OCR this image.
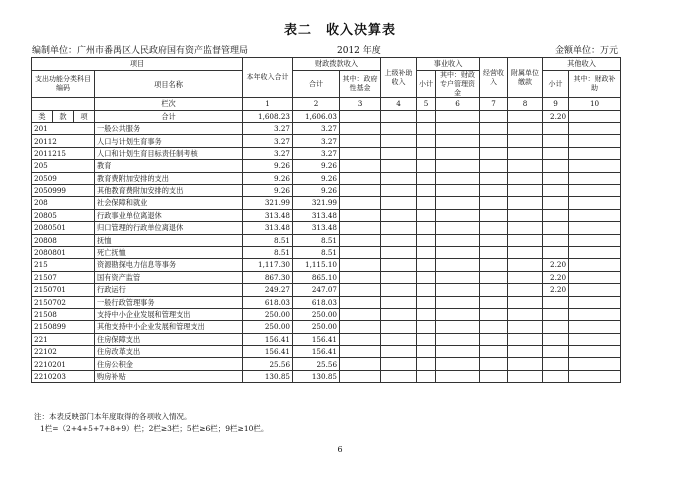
表二　收入决算表
编制单位：广州市番禺区人民政府国有资产监督管理局	2012 年度	金额单位：万元
项目				本年收入合计	财政拨款收入		上级补助收入	事业收入		经营收入	附属单位缴款	其他收入	
支出功能分类科目编码			项目名称		合计	其中：政府性基金		小计	其中：财政专户管理资金			小计	其中：财政补助

			栏次	1	2	3	4	5	6	7	8	9	10
类	款	项	合计	1,608.23	1,606.03							2.20	
201			一般公共服务	3.27	3.27								
20112			人口与计划生育事务	3.27	3.27								
2011215			人口和计划生育目标责任制考核	3.27	3.27								
205			教育	9.26	9.26								
20509			教育费附加安排的支出	9.26	9.26								
2050999			其他教育费附加安排的支出	9.26	9.26								
208			社会保障和就业	321.99	321.99								
20805			行政事业单位离退休	313.48	313.48								
2080501			归口管理的行政单位离退休	313.48	313.48								
20808			抚恤	8.51	8.51								
2080801			死亡抚恤	8.51	8.51								
215			资源勘探电力信息等事务	1,117.30	1,115.10							2.20	
21507			国有资产监管	867.30	865.10							2.20	
2150701			行政运行	249.27	247.07							2.20	
2150702			一般行政管理事务	618.03	618.03								
21508			支持中小企业发展和管理支出	250.00	250.00								
2150899			其他支持中小企业发展和管理支出	250.00	250.00								
221			住房保障支出	156.41	156.41								
22102			住房改革支出	156.41	156.41								
2210201			住房公积金	25.56	25.56								
2210203			购房补贴	130.85	130.85								
注：本表反映部门本年度取得的各项收入情况。
1栏=（2+4+5+7+8+9）栏；2栏≥3栏；5栏≥6栏；9栏≥10栏。
6
